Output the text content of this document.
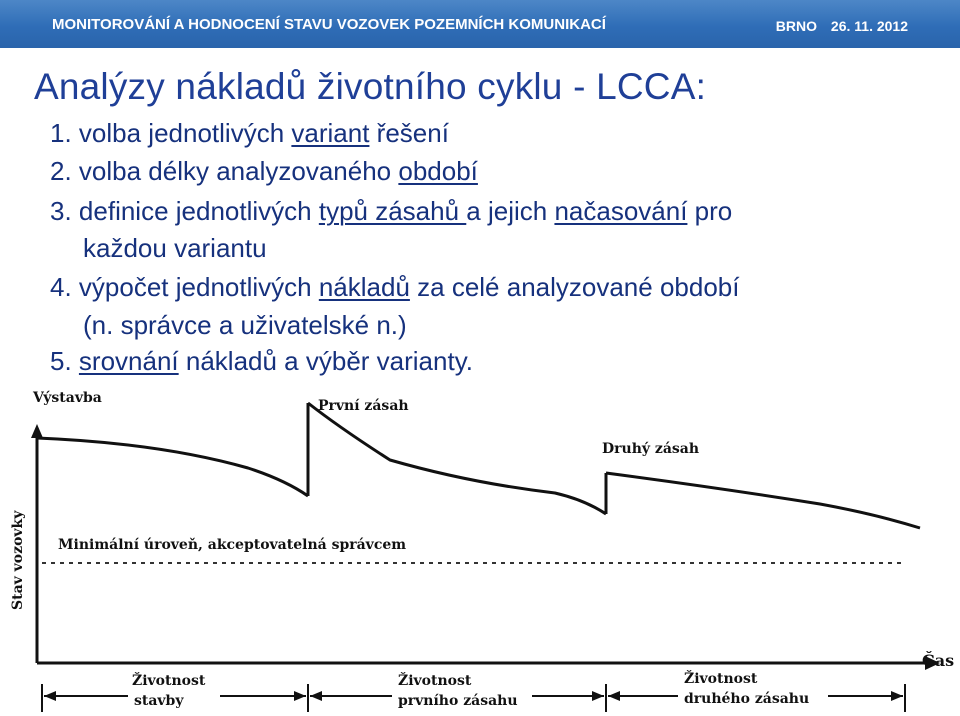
MONITOROVÁNÍ A HODNOCENÍ STAVU VOZOVEK POZEMNÍCH KOMUNIKACÍ	BRNO 26. 11. 2012
Analýzy nákladů životního cyklu - LCCA:
1. volba jednotlivých variant řešení
2. volba délky analyzovaného období
3. definice jednotlivých typů zásahů a jejich načasování pro
každou variantu
4. výpočet jednotlivých nákladů za celé analyzované období
(n. správce a uživatelské n.)
5. srovnání nákladů a výběr varianty.
Výstavba	První zásah
Druhý zásah
Minimální úroveň, akceptovatelná správcem
Čas
Stav vozovky
Životnost
stavby
Životnost
prvního zásahu
Životnost
druhého zásahu
